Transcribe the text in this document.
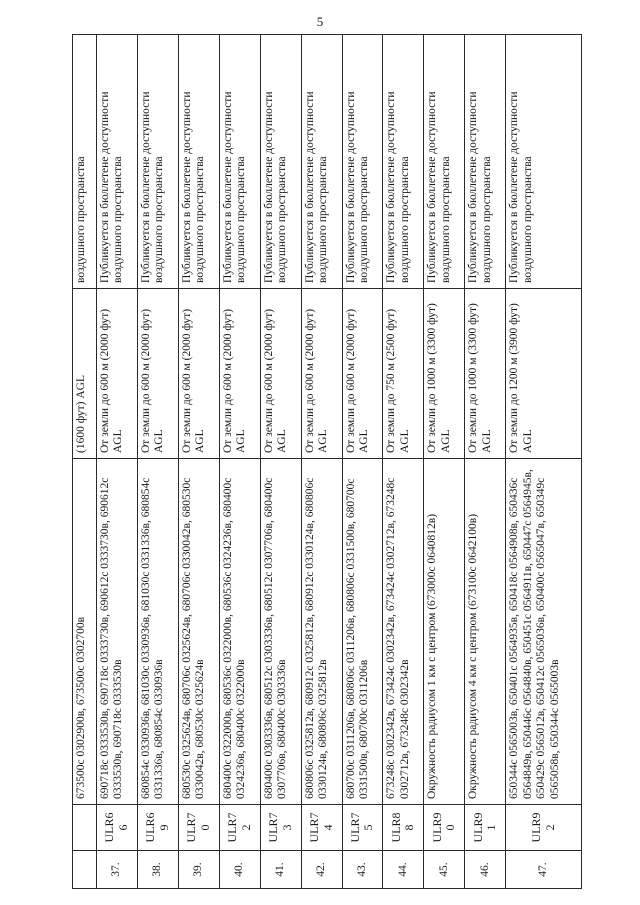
5
		673500с 0302900в, 673500с 0302700в	(1600 фут) AGL	воздушного пространства
37.	ULR66	690718с 0333530в, 690718с 0333730в, 690612с 0333730в, 690612с 0333530в, 690718с 0333530в	От земли до 600 м (2000 фут) AGL	Публикуется в бюллетене доступности воздушного пространства
38.	ULR69	680854с 0330936в, 681030с 0330936в, 681030с 0331336в, 680854с 0331336в, 680854с 0330936в	От земли до 600 м (2000 фут) AGL	Публикуется в бюллетене доступности воздушного пространства
39.	ULR70	680530с 0325624в, 680706с 0325624в, 680706с 0330042в, 680530с 0330042в, 680530с 0325624в	От земли до 600 м (2000 фут) AGL	Публикуется в бюллетене доступности воздушного пространства
40.	ULR72	680400с 0322000в, 680536с 0322000в, 680536с 0324236в, 680400с 0324236в, 680400с 0322000в	От земли до 600 м (2000 фут) AGL	Публикуется в бюллетене доступности воздушного пространства
41.	ULR73	680400с 0303336в, 680512с 0303336в, 680512с 0307706в, 680400с 0307706в, 680400с 0303336в	От земли до 600 м (2000 фут) AGL	Публикуется в бюллетене доступности воздушного пространства
42.	ULR74	680806с 0325812в, 680912с 0325812в, 680912с 0330124в, 680806с 0330124в, 680806с 0325812в	От земли до 600 м (2000 фут) AGL	Публикуется в бюллетене доступности воздушного пространства
43.	ULR75	680700с 0311206в, 680806с 0311206в, 680806с 0331500в, 680700с 0331500в, 680700с 0311206в	От земли до 600 м (2000 фут) AGL	Публикуется в бюллетене доступности воздушного пространства
44.	ULR88	673248с 0302342в, 673424с 0302342в, 673424с 0302712в, 673248с 0302712в, 673248с 0302342в	От земли до 750 м (2500 фут) AGL	Публикуется в бюллетене доступности воздушного пространства
45.	ULR90	Окружность радиусом 1 км с центром (673000с 0640812в)	От земли до 1000 м (3300 фут) AGL	Публикуется в бюллетене доступности воздушного пространства
46.	ULR91	Окружность радиусом 4 км с центром (673100с 0642100в)	От земли до 1000 м (3300 фут) AGL	Публикуется в бюллетене доступности воздушного пространства
47.	ULR92	650344с 0565003в, 650401с 0564935в, 650418с 0564908в, 650436с 0564849в, 650446с 0564840в, 650451с 0564911в, 650447с 0564945в, 650429с 0565012в, 650412с 0565036в, 650400с 0565047в, 650349с 0565058в, 650344с 0565003в	От земли до 1200 м (3900 фут) AGL	Публикуется в бюллетене доступности воздушного пространства
